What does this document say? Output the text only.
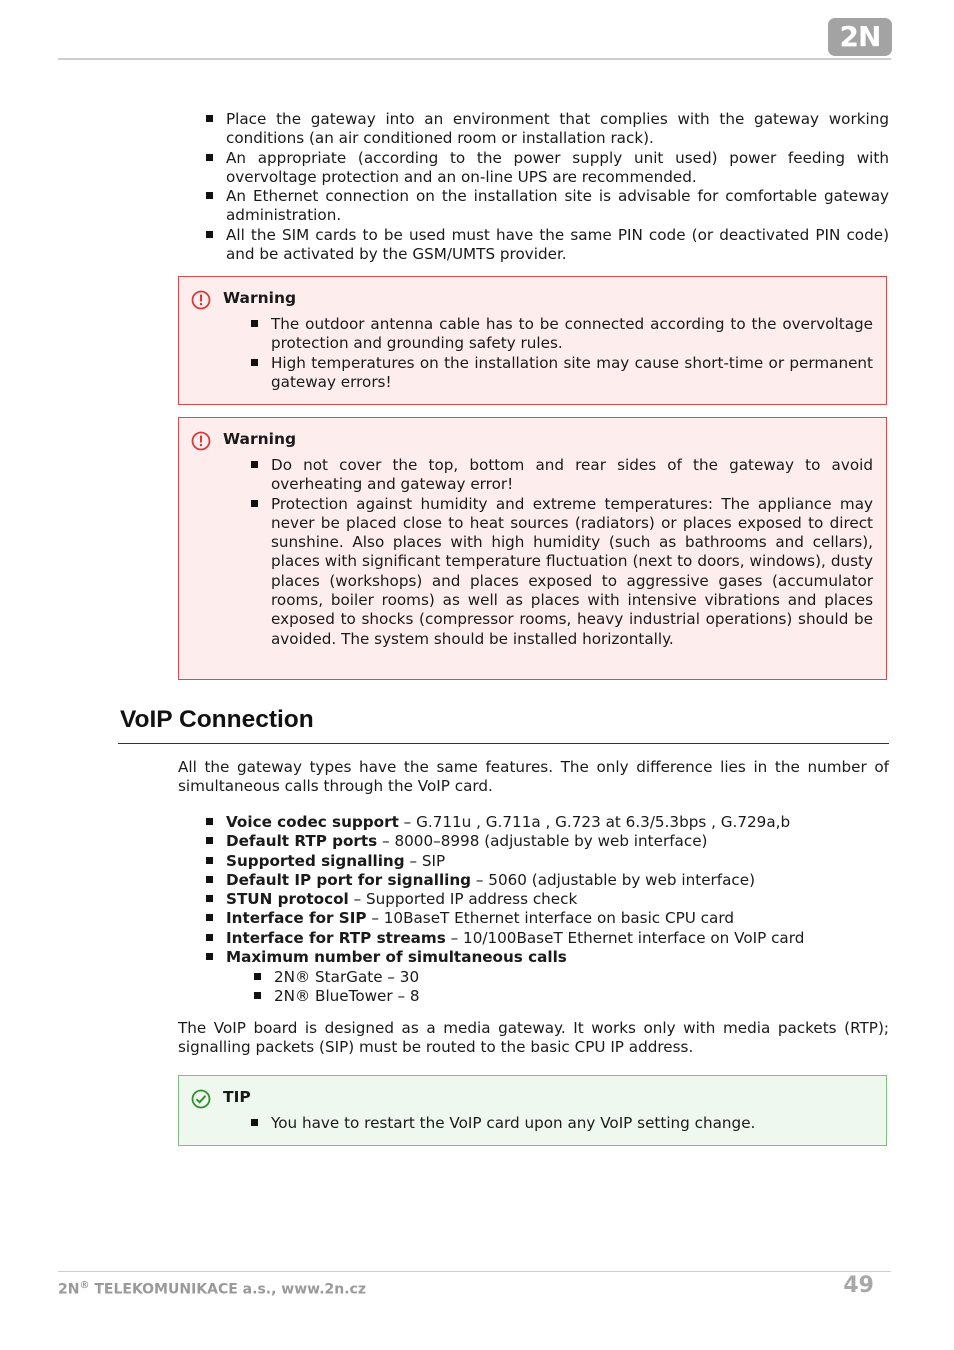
2N
Place the gateway into an environment that complies with the gateway working conditions (an air conditioned room or installation rack).
An appropriate (according to the power supply unit used) power feeding with overvoltage protection and an on-line UPS are recommended.
An Ethernet connection on the installation site is advisable for comfortable gateway administration.
All the SIM cards to be used must have the same PIN code (or deactivated PIN code) and be activated by the GSM/UMTS provider.
Warning
The outdoor antenna cable has to be connected according to the overvoltage protection and grounding safety rules.
High temperatures on the installation site may cause short-time or permanent gateway errors!
Warning
Do not cover the top, bottom and rear sides of the gateway to avoid overheating and gateway error!
Protection against humidity and extreme temperatures: The appliance may never be placed close to heat sources (radiators) or places exposed to direct sunshine. Also places with high humidity (such as bathrooms and cellars), places with significant temperature fluctuation (next to doors, windows), dusty places (workshops) and places exposed to aggressive gases (accumulator rooms, boiler rooms) as well as places with intensive vibrations and places exposed to shocks (compressor rooms, heavy industrial operations) should be avoided. The system should be installed horizontally.
VoIP Connection
All the gateway types have the same features. The only difference lies in the number of simultaneous calls through the VoIP card.
Voice codec support – G.711u , G.711a , G.723 at 6.3/5.3bps , G.729a,b
Default RTP ports – 8000–8998 (adjustable by web interface)
Supported signalling – SIP
Default IP port for signalling – 5060 (adjustable by web interface)
STUN protocol – Supported IP address check
Interface for SIP – 10BaseT Ethernet interface on basic CPU card
Interface for RTP streams – 10/100BaseT Ethernet interface on VoIP card
Maximum number of simultaneous calls
2N® StarGate – 30
2N® BlueTower – 8
The VoIP board is designed as a media gateway. It works only with media packets (RTP); signalling packets (SIP) must be routed to the basic CPU IP address.
TIP
You have to restart the VoIP card upon any VoIP setting change.
2N® TELEKOMUNIKACE a.s., www.2n.cz	49
